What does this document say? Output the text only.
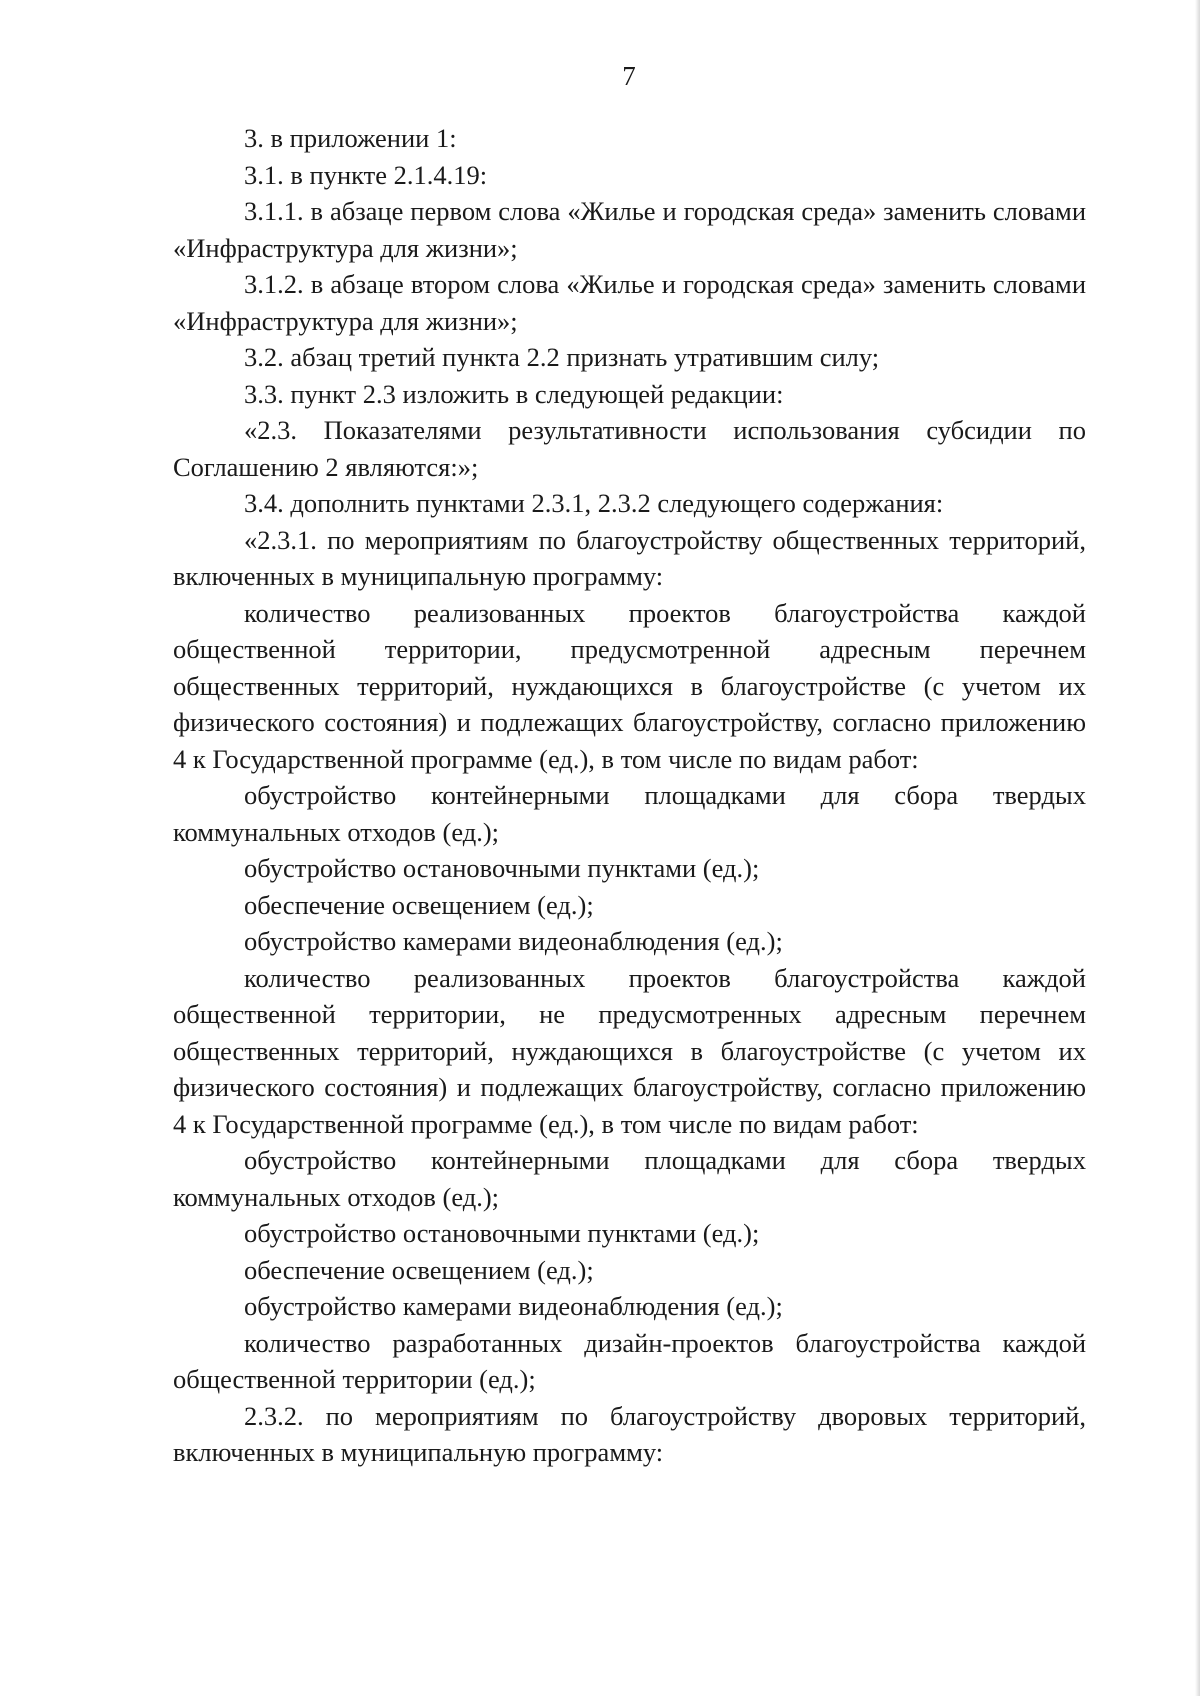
7

3. в приложении 1:

3.1. в пункте 2.1.4.19:

3.1.1. в абзаце первом слова «Жилье и городская среда» заменить словами «Инфраструктура для жизни»;

3.1.2. в абзаце втором слова «Жилье и городская среда» заменить словами «Инфраструктура для жизни»;

3.2. абзац третий пункта 2.2 признать утратившим силу;

3.3. пункт 2.3 изложить в следующей редакции:

«2.3. Показателями результативности использования субсидии по Соглашению 2 являются:»;

3.4. дополнить пунктами 2.3.1, 2.3.2 следующего содержания:

«2.3.1. по мероприятиям по благоустройству общественных территорий, включенных в муниципальную программу:

количество реализованных проектов благоустройства каждой общественной территории, предусмотренной адресным перечнем общественных территорий, нуждающихся в благоустройстве (с учетом их физического состояния) и подлежащих благоустройству, согласно приложению 4 к Государственной программе (ед.), в том числе по видам работ:

обустройство контейнерными площадками для сбора твердых коммунальных отходов (ед.);

обустройство остановочными пунктами (ед.);

обеспечение освещением (ед.);

обустройство камерами видеонаблюдения (ед.);

количество реализованных проектов благоустройства каждой общественной территории, не предусмотренных адресным перечнем общественных территорий, нуждающихся в благоустройстве (с учетом их физического состояния) и подлежащих благоустройству, согласно приложению 4 к Государственной программе (ед.), в том числе по видам работ:

обустройство контейнерными площадками для сбора твердых коммунальных отходов (ед.);

обустройство остановочными пунктами (ед.);

обеспечение освещением (ед.);

обустройство камерами видеонаблюдения (ед.);

количество разработанных дизайн-проектов благоустройства каждой общественной территории (ед.);

2.3.2. по мероприятиям по благоустройству дворовых территорий, включенных в муниципальную программу:
